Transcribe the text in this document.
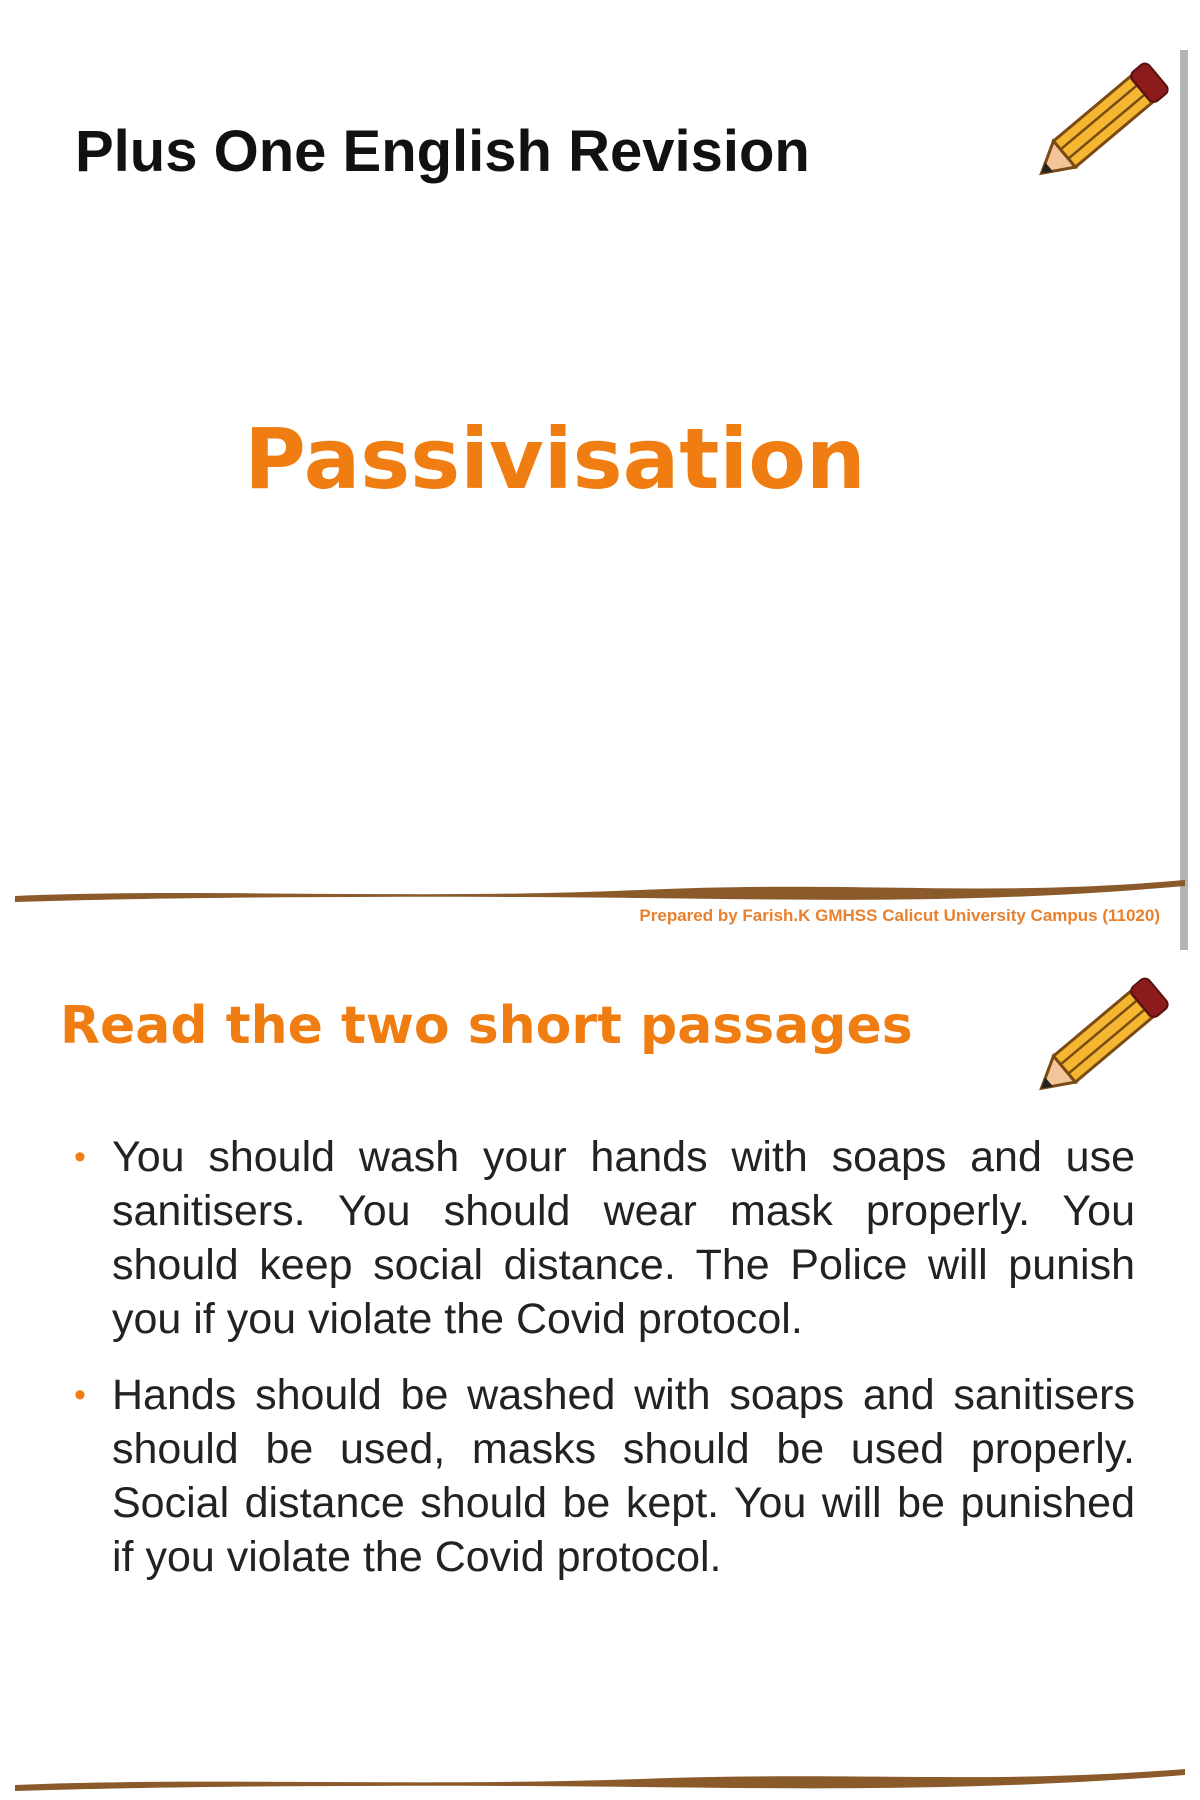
Plus One English Revision
Passivisation
Prepared by Farish.K GMHSS Calicut University Campus (11020)
Read the two short passages
• You should wash your hands with soaps and use sanitisers. You should wear mask properly. You should keep social distance. The Police will punish you if you violate the Covid protocol.
• Hands should be washed with soaps and sanitisers should be used, masks should be used properly. Social distance should be kept. You will be punished if you violate the Covid protocol.
